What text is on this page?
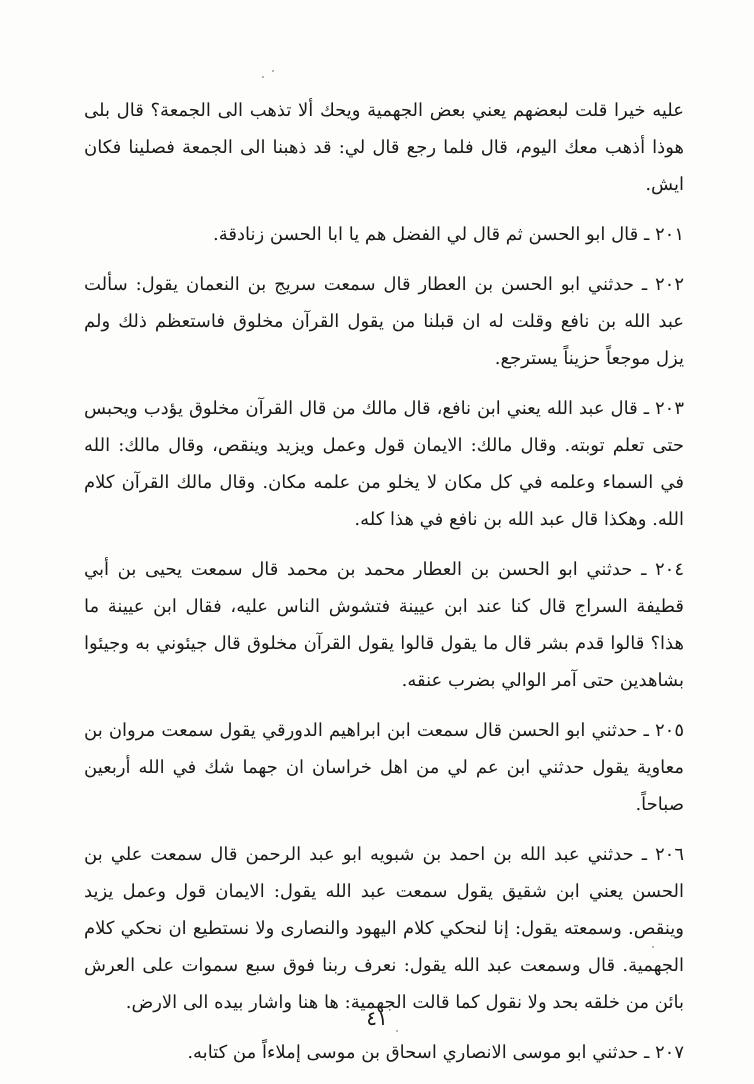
عليه خيرا قلت لبعضهم يعني بعض الجهمية ويحك ألا تذهب الى الجمعة؟ قال بلى هوذا أذهب معك اليوم، قال فلما رجع قال لي: قد ذهبنا الى الجمعة فصلينا فكان ايش.

٢٠١ ـ قال ابو الحسن ثم قال لي الفضل هم يا ابا الحسن زنادقة.

٢٠٢ ـ حدثني ابو الحسن بن العطار قال سمعت سريج بن النعمان يقول: سألت عبد الله بن نافع وقلت له ان قبلنا من يقول القرآن مخلوق فاستعظم ذلك ولم يزل موجعاً حزيناً يسترجع.

٢٠٣ ـ قال عبد الله يعني ابن نافع، قال مالك من قال القرآن مخلوق يؤدب ويحبس حتى تعلم توبته. وقال مالك: الايمان قول وعمل ويزيد وينقص، وقال مالك: الله في السماء وعلمه في كل مكان لا يخلو من علمه مكان. وقال مالك القرآن كلام الله. وهكذا قال عبد الله بن نافع في هذا كله.

٢٠٤ ـ حدثني ابو الحسن بن العطار محمد بن محمد قال سمعت يحيى بن أبي قطيفة السراج قال كنا عند ابن عيينة فتشوش الناس عليه، فقال ابن عيينة ما هذا؟ قالوا قدم بشر قال ما يقول قالوا يقول القرآن مخلوق قال جيئوني به وجيئوا بشاهدين حتى آمر الوالي بضرب عنقه.

٢٠٥ ـ حدثني ابو الحسن قال سمعت ابن ابراهيم الدورقي يقول سمعت مروان بن معاوية يقول حدثني ابن عم لي من اهل خراسان ان جهما شك في الله أربعين صباحاً.

٢٠٦ ـ حدثني عبد الله بن احمد بن شبويه ابو عبد الرحمن قال سمعت علي بن الحسن يعني ابن شقيق يقول سمعت عبد الله يقول: الايمان قول وعمل يزيد وينقص. وسمعته يقول: إنا لنحكي كلام اليهود والنصارى ولا نستطيع ان نحكي كلام الجهمية. قال وسمعت عبد الله يقول: نعرف ربنا فوق سبع سموات على العرش بائن من خلقه بحد ولا نقول كما قالت الجهمية: ها هنا واشار بيده الى الارض.

٢٠٧ ـ حدثني ابو موسى الانصاري اسحاق بن موسى إملاءاً من كتابه.

٤١
